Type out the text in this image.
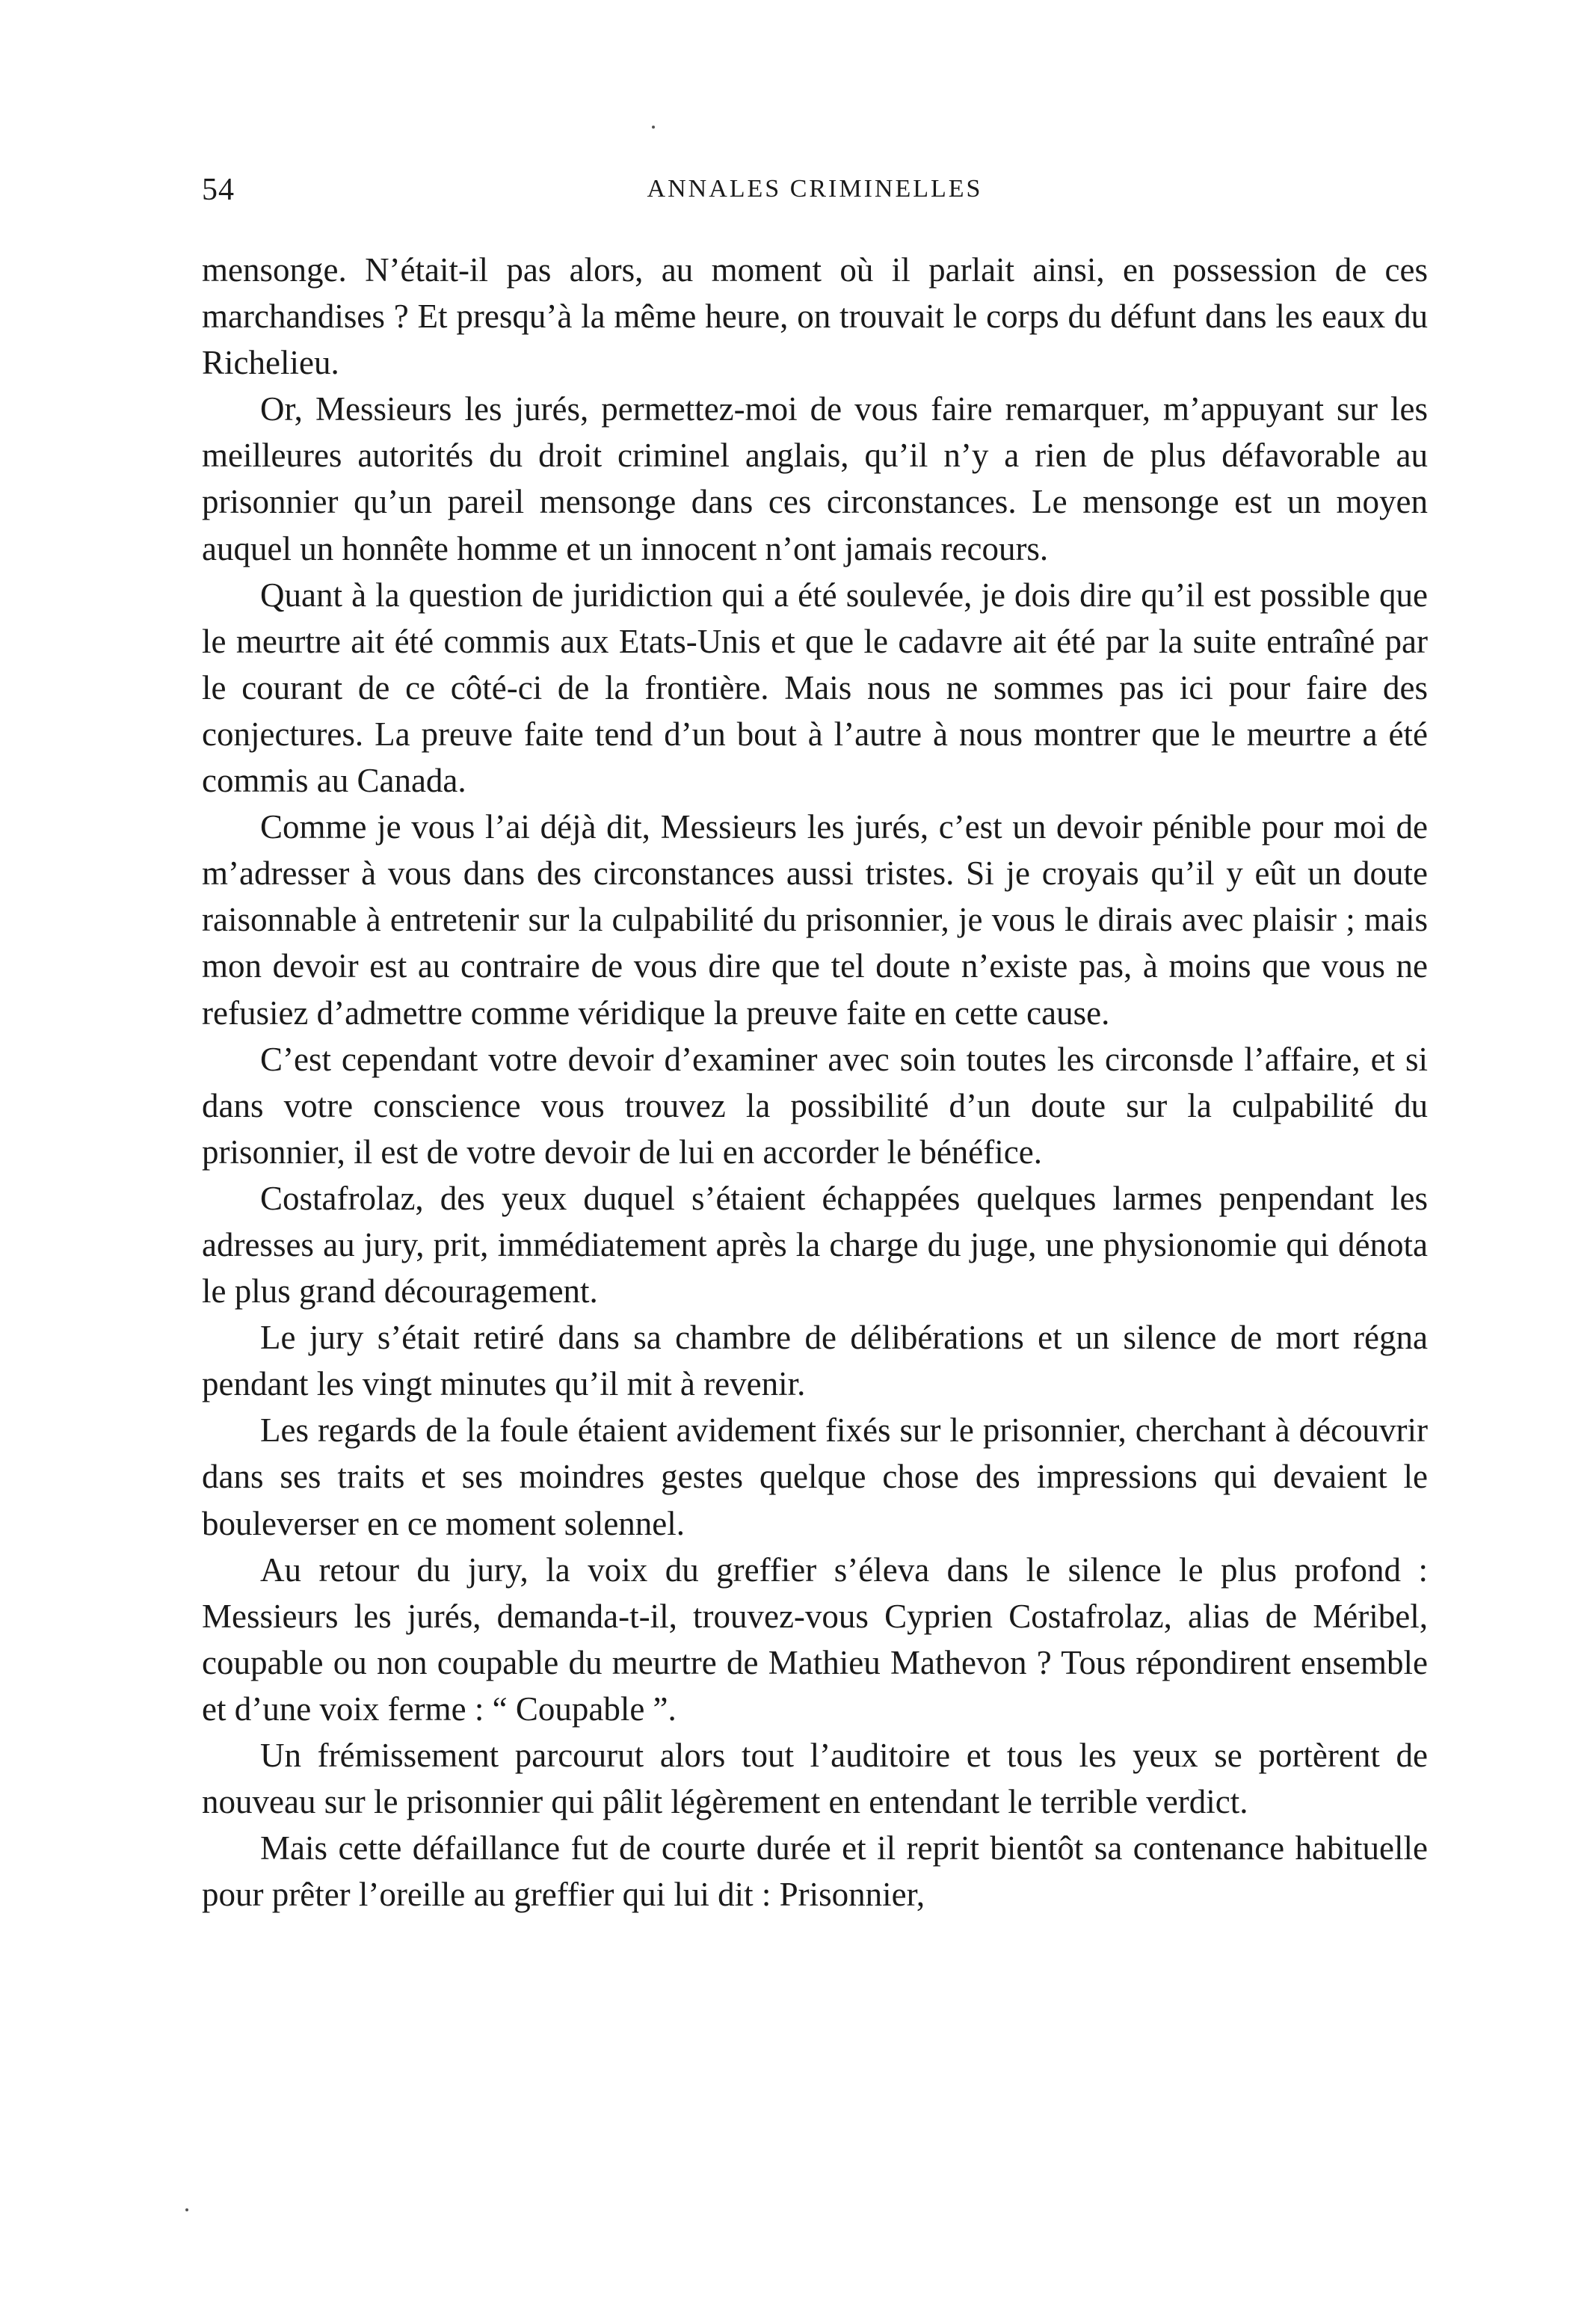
54	ANNALES CRIMINELLES

mensonge. N’était-il pas alors, au moment où il parlait ainsi, en possession de ces marchandises ? Et presqu’à la même heure, on trouvait le corps du défunt dans les eaux du Richelieu.

Or, Messieurs les jurés, permettez-moi de vous faire remarquer, m’appuyant sur les meilleures autorités du droit criminel anglais, qu’il n’y a rien de plus défavorable au prisonnier qu’un pareil mensonge dans ces circonstances. Le mensonge est un moyen auquel un honnête homme et un innocent n’ont jamais recours.

Quant à la question de juridiction qui a été soulevée, je dois dire qu’il est possible que le meurtre ait été commis aux Etats-Unis et que le cadavre ait été par la suite entraîné par le courant de ce côté-ci de la frontière. Mais nous ne sommes pas ici pour faire des conjectures. La preuve faite tend d’un bout à l’autre à nous montrer que le meurtre a été commis au Canada.

Comme je vous l’ai déjà dit, Messieurs les jurés, c’est un devoir pénible pour moi de m’adresser à vous dans des circonstances aussi tristes. Si je croyais qu’il y eût un doute raisonnable à entretenir sur la culpabilité du prisonnier, je vous le dirais avec plaisir ; mais mon devoir est au contraire de vous dire que tel doute n’existe pas, à moins que vous ne refusiez d’admettre comme véridique la preuve faite en cette cause.

C’est cependant votre devoir d’examiner avec soin toutes les circonsde l’affaire, et si dans votre conscience vous trouvez la possibilité d’un doute sur la culpabilité du prisonnier, il est de votre devoir de lui en accorder le bénéfice.

Costafrolaz, des yeux duquel s’étaient échappées quelques larmes penpendant les adresses au jury, prit, immédiatement après la charge du juge, une physionomie qui dénota le plus grand découragement.

Le jury s’était retiré dans sa chambre de délibérations et un silence de mort régna pendant les vingt minutes qu’il mit à revenir.

Les regards de la foule étaient avidement fixés sur le prisonnier, cherchant à découvrir dans ses traits et ses moindres gestes quelque chose des impressions qui devaient le bouleverser en ce moment solennel.

Au retour du jury, la voix du greffier s’éleva dans le silence le plus profond : Messieurs les jurés, demanda-t-il, trouvez-vous Cyprien Costafrolaz, alias de Méribel, coupable ou non coupable du meurtre de Mathieu Mathevon ? Tous répondirent ensemble et d’une voix ferme : “ Coupable ”.

Un frémissement parcourut alors tout l’auditoire et tous les yeux se portèrent de nouveau sur le prisonnier qui pâlit légèrement en entendant le terrible verdict.

Mais cette défaillance fut de courte durée et il reprit bientôt sa contenance habituelle pour prêter l’oreille au greffier qui lui dit : Prisonnier,
